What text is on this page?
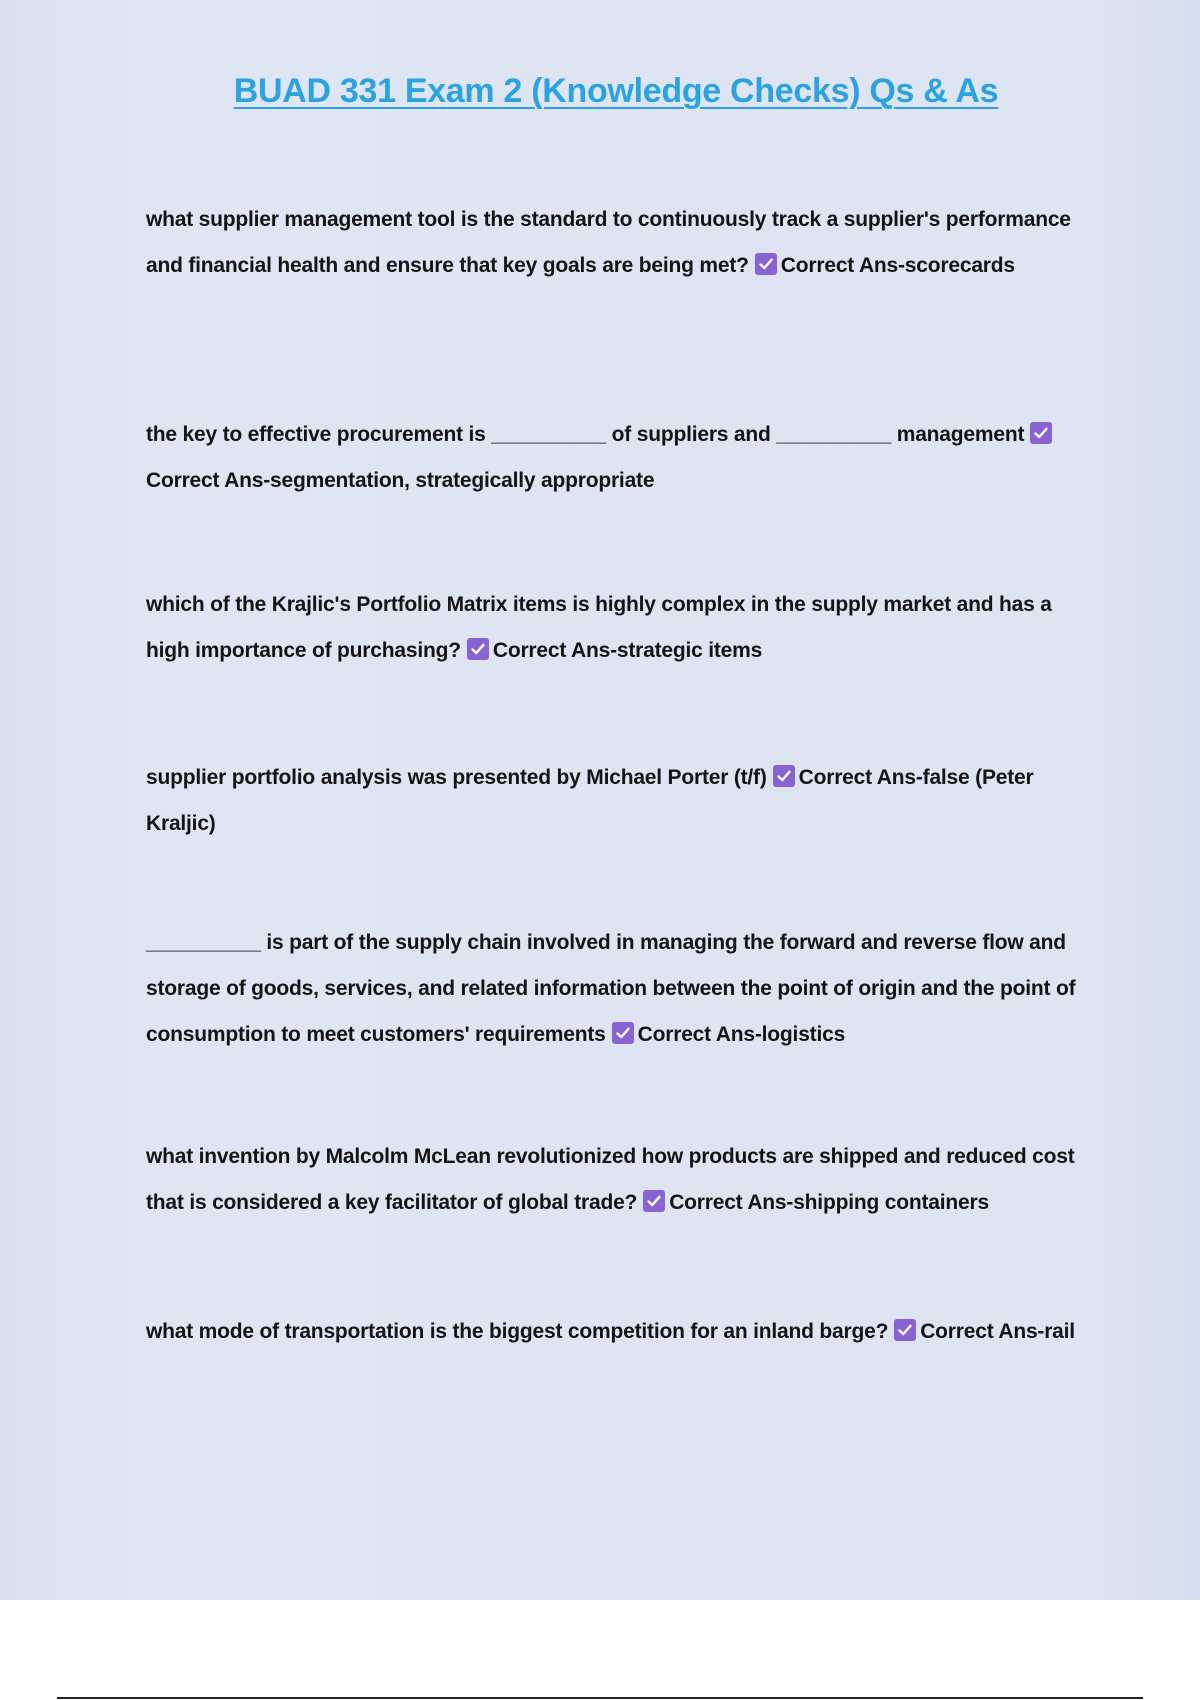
BUAD 331 Exam 2 (Knowledge Checks) Qs & As
what supplier management tool is the standard to continuously track a supplier's performance and financial health and ensure that key goals are being met? Correct Ans-scorecards
the key to effective procurement is __________ of suppliers and __________ management
Correct Ans-segmentation, strategically appropriate
which of the Krajlic's Portfolio Matrix items is highly complex in the supply market and has a high importance of purchasing? Correct Ans-strategic items
supplier portfolio analysis was presented by Michael Porter (t/f) Correct Ans-false (Peter Kraljic)
__________ is part of the supply chain involved in managing the forward and reverse flow and storage of goods, services, and related information between the point of origin and the point of consumption to meet customers' requirements Correct Ans-logistics
what invention by Malcolm McLean revolutionized how products are shipped and reduced cost that is considered a key facilitator of global trade? Correct Ans-shipping containers
what mode of transportation is the biggest competition for an inland barge? Correct Ans-rail
